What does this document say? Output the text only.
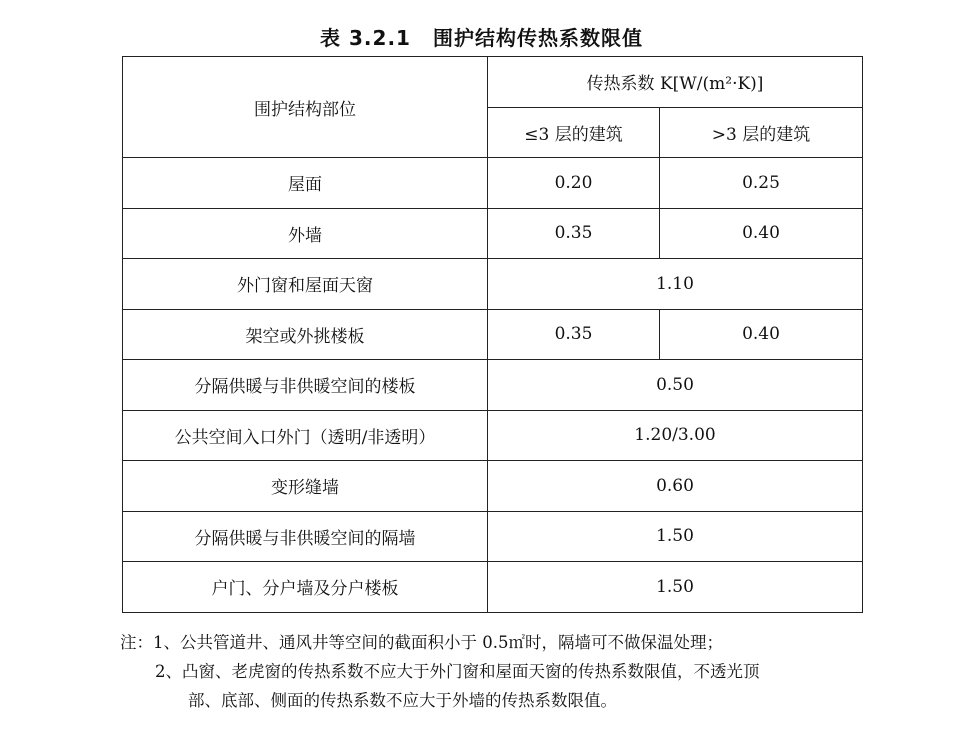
表 3.2.1 围护结构传热系数限值
围护结构部位	传热系数 K[W/(m²·K)]	
	≤3 层的建筑	>3 层的建筑
屋面	0.20	0.25
外墙	0.35	0.40
外门窗和屋面天窗	1.10	
架空或外挑楼板	0.35	0.40
分隔供暖与非供暖空间的楼板	0.50	
公共空间入口外门（透明/非透明）	1.20/3.00	
变形缝墙	0.60	
分隔供暖与非供暖空间的隔墙	1.50	
户门、分户墙及分户楼板	1.50	
注：1、公共管道井、通风井等空间的截面积小于 0.5㎡时，隔墙可不做保温处理；
2、凸窗、老虎窗的传热系数不应大于外门窗和屋面天窗的传热系数限值，不透光顶
部、底部、侧面的传热系数不应大于外墙的传热系数限值。
